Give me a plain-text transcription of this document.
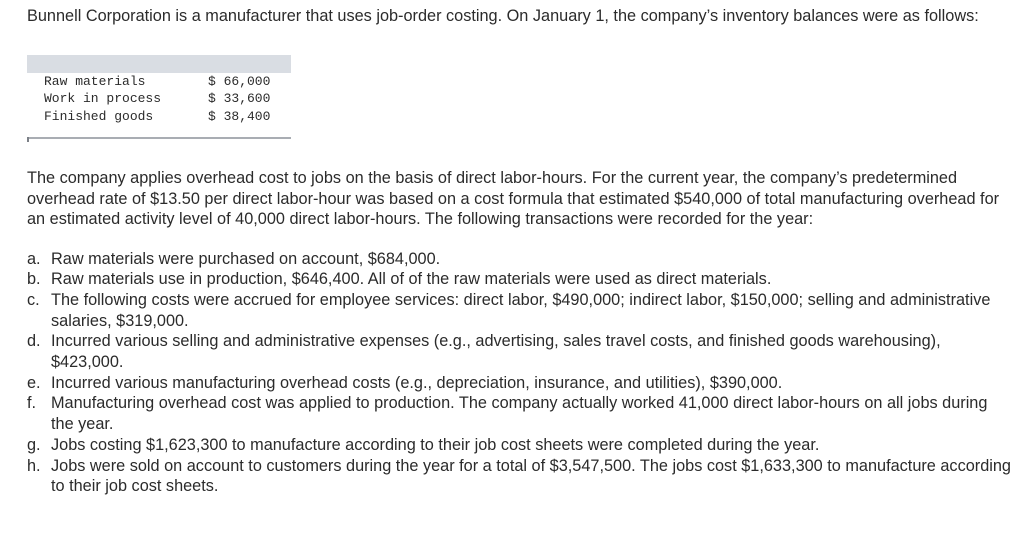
Bunnell Corporation is a manufacturer that uses job-order costing. On January 1, the company’s inventory balances were as follows:

Raw materials	$ 66,000
Work in process	$ 33,600
Finished goods	$ 38,400

The company applies overhead cost to jobs on the basis of direct labor-hours. For the current year, the company’s predetermined overhead rate of $13.50 per direct labor-hour was based on a cost formula that estimated $540,000 of total manufacturing overhead for an estimated activity level of 40,000 direct labor-hours. The following transactions were recorded for the year:

a. Raw materials were purchased on account, $684,000.
b. Raw materials use in production, $646,400. All of of the raw materials were used as direct materials.
c. The following costs were accrued for employee services: direct labor, $490,000; indirect labor, $150,000; selling and administrative salaries, $319,000.
d. Incurred various selling and administrative expenses (e.g., advertising, sales travel costs, and finished goods warehousing), $423,000.
e. Incurred various manufacturing overhead costs (e.g., depreciation, insurance, and utilities), $390,000.
f. Manufacturing overhead cost was applied to production. The company actually worked 41,000 direct labor-hours on all jobs during the year.
g. Jobs costing $1,623,300 to manufacture according to their job cost sheets were completed during the year.
h. Jobs were sold on account to customers during the year for a total of $3,547,500. The jobs cost $1,633,300 to manufacture according to their job cost sheets.
